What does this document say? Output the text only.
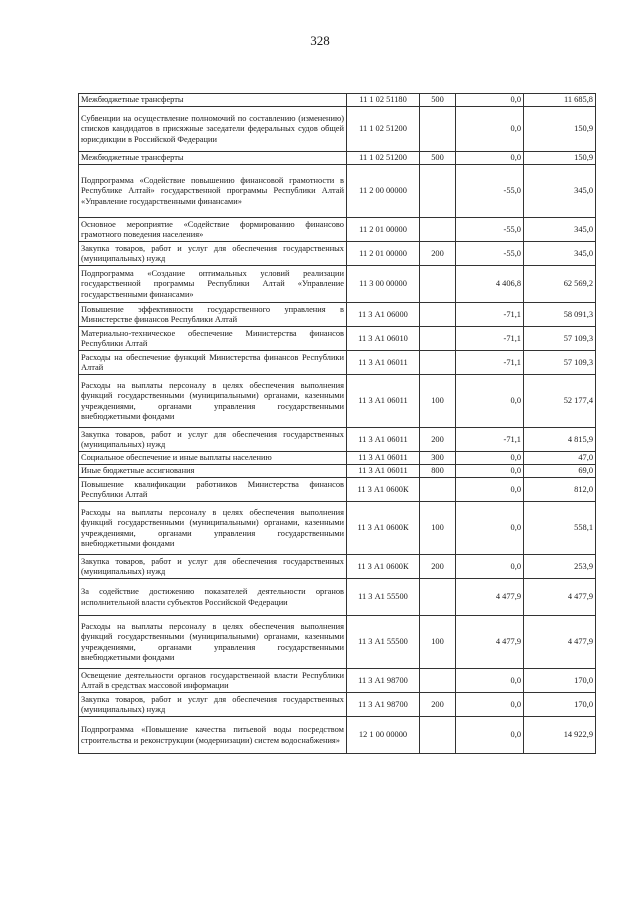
328
Межбюджетные трансферты	11 1 02 51180	500	0,0	11 685,8
Субвенции на осуществление полномочий по составлению (изменению) списков кандидатов в присяжные заседатели федеральных судов общей юрисдикции в Российской Федерации	11 1 02 51200		0,0	150,9
Межбюджетные трансферты	11 1 02 51200	500	0,0	150,9
Подпрограмма «Содействие повышению финансовой грамотности в Республике Алтай» государственной программы Республики Алтай «Управление государственными финансами»	11 2 00 00000		-55,0	345,0
Основное мероприятие «Содействие формированию финансово грамотного поведения населения»	11 2 01 00000		-55,0	345,0
Закупка товаров, работ и услуг для обеспечения государственных (муниципальных) нужд	11 2 01 00000	200	-55,0	345,0
Подпрограмма «Создание оптимальных условий реализации государственной программы Республики Алтай «Управление государственными финансами»	11 3 00 00000		4 406,8	62 569,2
Повышение эффективности государственного управления в Министерстве финансов Республики Алтай	11 3 А1 06000		-71,1	58 091,3
Материально-техническое обеспечение Министерства финансов Республики Алтай	11 3 А1 06010		-71,1	57 109,3
Расходы на обеспечение функций Министерства финансов Республики Алтай	11 3 А1 06011		-71,1	57 109,3
Расходы на выплаты персоналу в целях обеспечения выполнения функций государственными (муниципальными) органами, казенными учреждениями, органами управления государственными внебюджетными фондами	11 3 А1 06011	100	0,0	52 177,4
Закупка товаров, работ и услуг для обеспечения государственных (муниципальных) нужд	11 3 А1 06011	200	-71,1	4 815,9
Социальное обеспечение и иные выплаты населению	11 3 А1 06011	300	0,0	47,0
Иные бюджетные ассигнования	11 3 А1 06011	800	0,0	69,0
Повышение квалификации работников Министерства финансов Республики Алтай	11 3 А1 0600К		0,0	812,0
Расходы на выплаты персоналу в целях обеспечения выполнения функций государственными (муниципальными) органами, казенными учреждениями, органами управления государственными внебюджетными фондами	11 3 А1 0600К	100	0,0	558,1
Закупка товаров, работ и услуг для обеспечения государственных (муниципальных) нужд	11 3 А1 0600К	200	0,0	253,9
За содействие достижению показателей деятельности органов исполнительной власти субъектов Российской Федерации	11 3 А1 55500		4 477,9	4 477,9
Расходы на выплаты персоналу в целях обеспечения выполнения функций государственными (муниципальными) органами, казенными учреждениями, органами управления государственными внебюджетными фондами	11 3 А1 55500	100	4 477,9	4 477,9
Освещение деятельности органов государственной власти Республики Алтай в средствах массовой информации	11 3 А1 98700		0,0	170,0
Закупка товаров, работ и услуг для обеспечения государственных (муниципальных) нужд	11 3 А1 98700	200	0,0	170,0
Подпрограмма «Повышение качества питьевой воды посредством строительства и реконструкции (модернизации) систем водоснабжения»	12 1 00 00000		0,0	14 922,9
